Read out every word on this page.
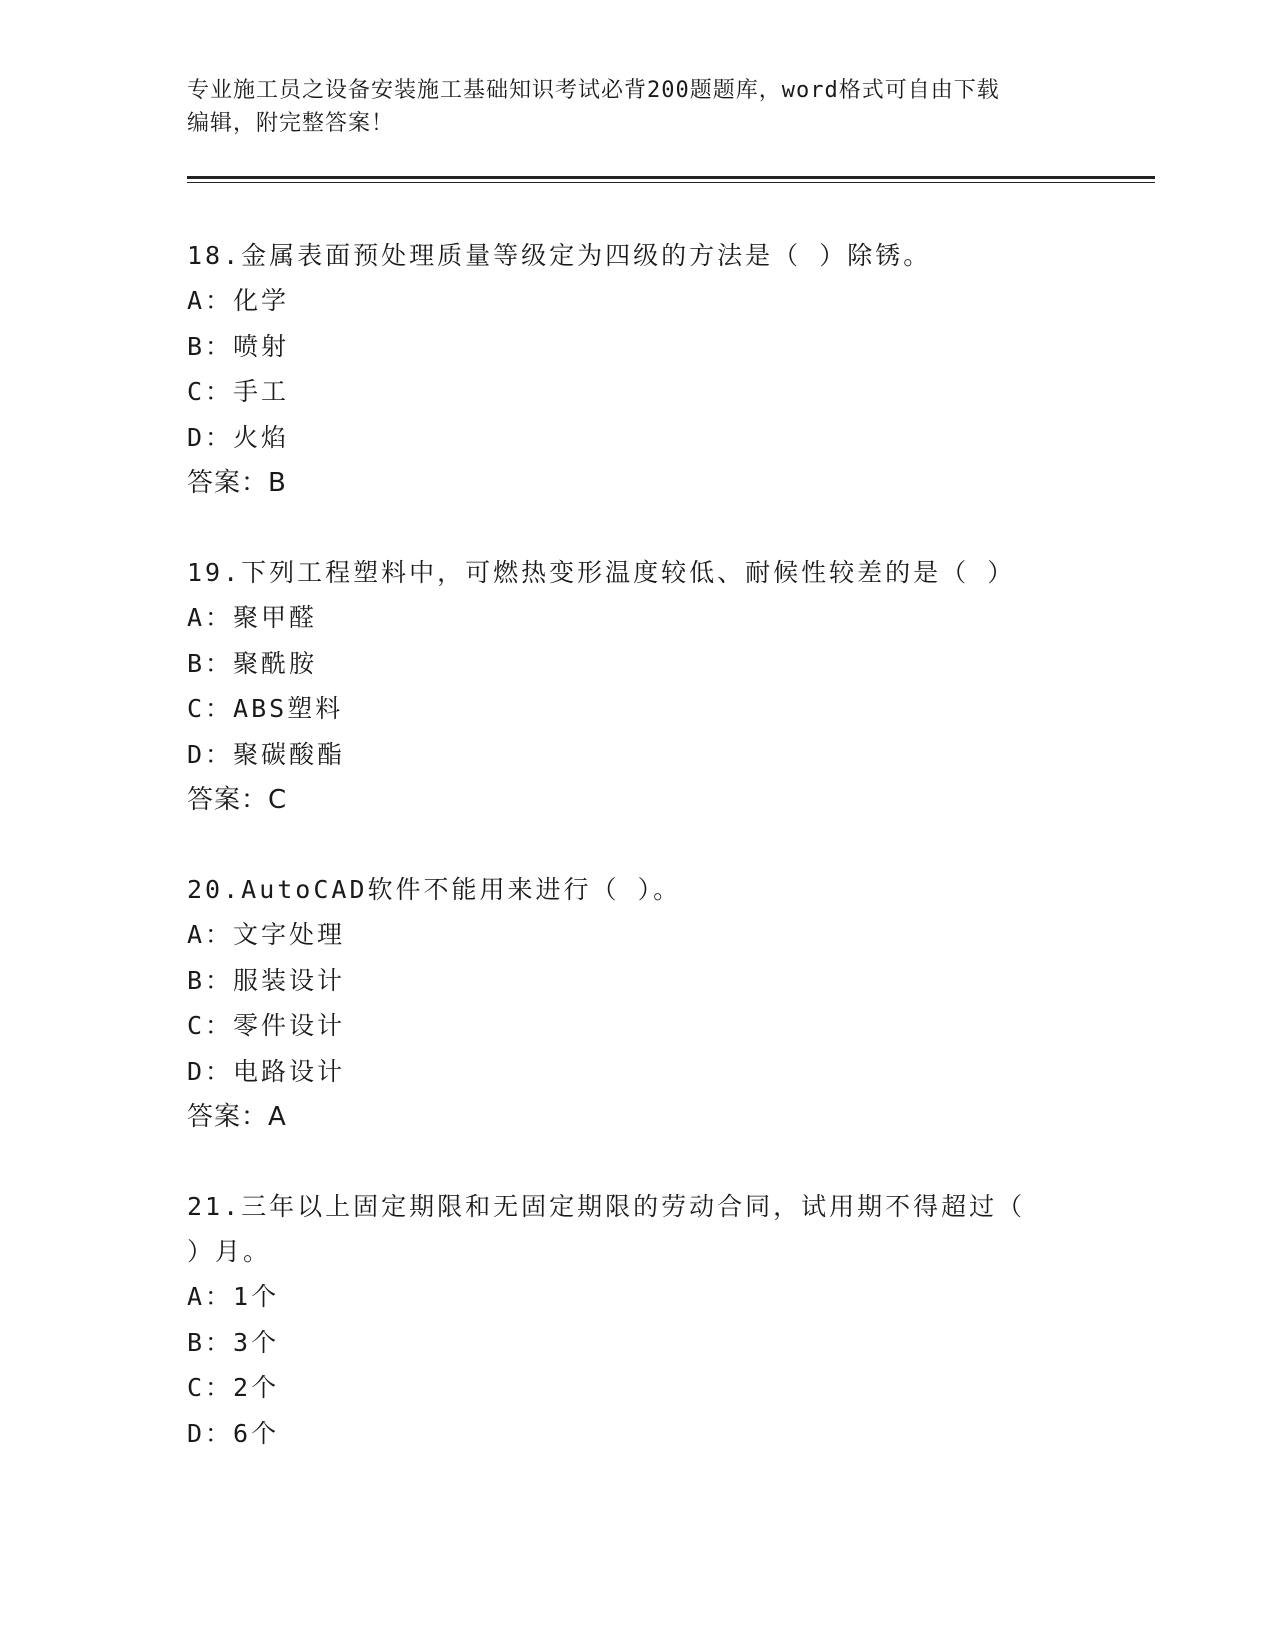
专业施工员之设备安装施工基础知识考试必背200题题库，word格式可自由下载
编辑，附完整答案！

18.金属表面预处理质量等级定为四级的方法是（ ）除锈。

A：化学

B：喷射

C：手工

D：火焰

答案：B

19.下列工程塑料中，可燃热变形温度较低、耐候性较差的是（ ）

A：聚甲醛

B：聚酰胺

C：ABS塑料

D：聚碳酸酯

答案：C

20.AutoCAD软件不能用来进行（ ）。

A：文字处理

B：服装设计

C：零件设计

D：电路设计

答案：A

21.三年以上固定期限和无固定期限的劳动合同，试用期不得超过（

）月。

A：1个

B：3个

C：2个

D：6个
